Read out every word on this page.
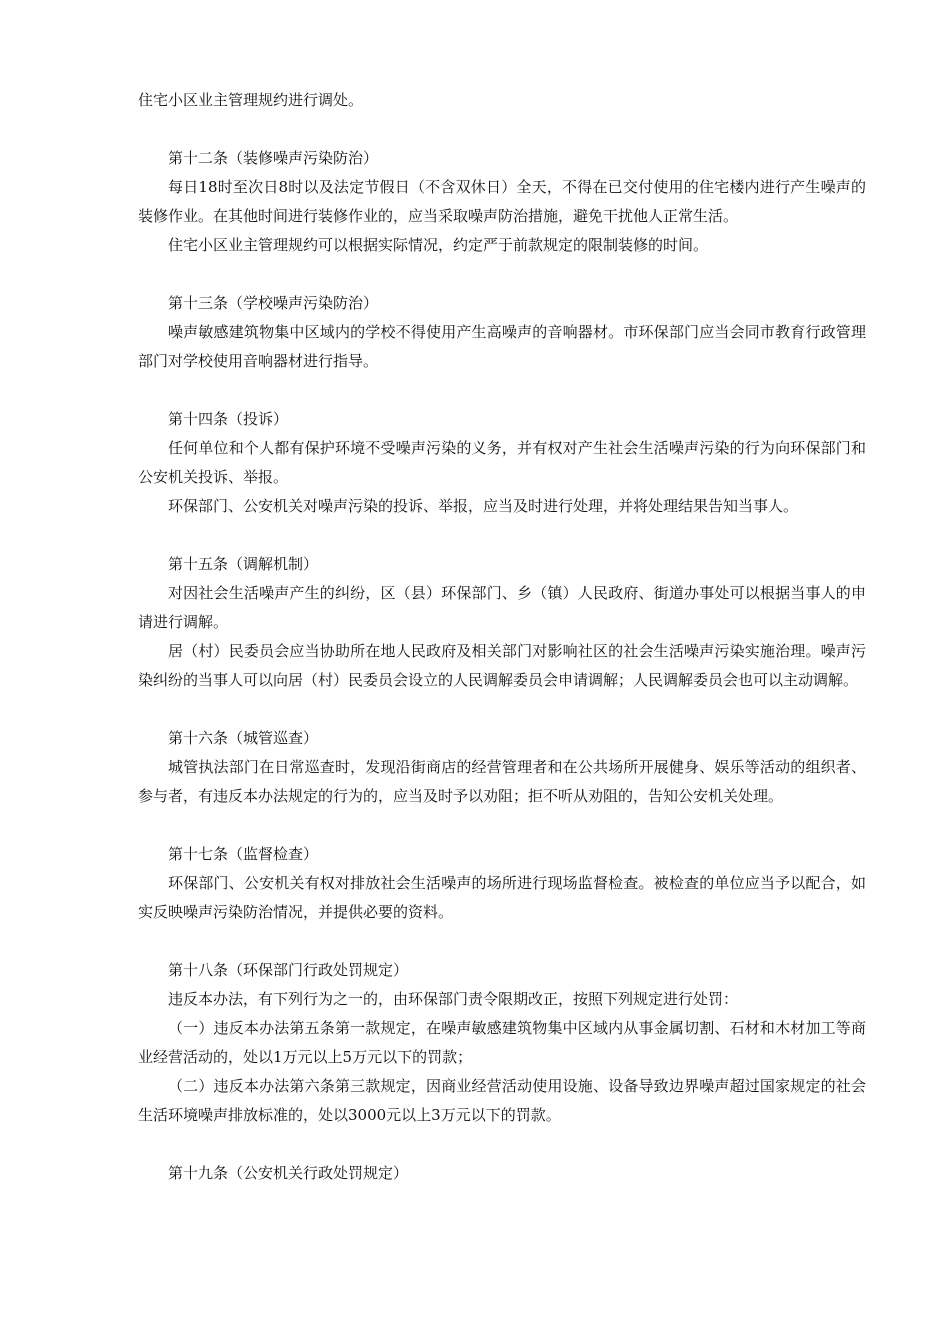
住宅小区业主管理规约进行调处。

第十二条（装修噪声污染防治）

每日18时至次日8时以及法定节假日（不含双休日）全天，不得在已交付使用的住宅楼内进行产生噪声的装修作业。在其他时间进行装修作业的，应当采取噪声防治措施，避免干扰他人正常生活。

住宅小区业主管理规约可以根据实际情况，约定严于前款规定的限制装修的时间。

第十三条（学校噪声污染防治）

噪声敏感建筑物集中区域内的学校不得使用产生高噪声的音响器材。市环保部门应当会同市教育行政管理部门对学校使用音响器材进行指导。

第十四条（投诉）

任何单位和个人都有保护环境不受噪声污染的义务，并有权对产生社会生活噪声污染的行为向环保部门和公安机关投诉、举报。

环保部门、公安机关对噪声污染的投诉、举报，应当及时进行处理，并将处理结果告知当事人。

第十五条（调解机制）

对因社会生活噪声产生的纠纷，区（县）环保部门、乡（镇）人民政府、街道办事处可以根据当事人的申请进行调解。

居（村）民委员会应当协助所在地人民政府及相关部门对影响社区的社会生活噪声污染实施治理。噪声污染纠纷的当事人可以向居（村）民委员会设立的人民调解委员会申请调解；人民调解委员会也可以主动调解。

第十六条（城管巡查）

城管执法部门在日常巡查时，发现沿街商店的经营管理者和在公共场所开展健身、娱乐等活动的组织者、参与者，有违反本办法规定的行为的，应当及时予以劝阻；拒不听从劝阻的，告知公安机关处理。

第十七条（监督检查）

环保部门、公安机关有权对排放社会生活噪声的场所进行现场监督检查。被检查的单位应当予以配合，如实反映噪声污染防治情况，并提供必要的资料。

第十八条（环保部门行政处罚规定）

违反本办法，有下列行为之一的，由环保部门责令限期改正，按照下列规定进行处罚：

（一）违反本办法第五条第一款规定，在噪声敏感建筑物集中区域内从事金属切割、石材和木材加工等商业经营活动的，处以1万元以上5万元以下的罚款；

（二）违反本办法第六条第三款规定，因商业经营活动使用设施、设备导致边界噪声超过国家规定的社会生活环境噪声排放标准的，处以3000元以上3万元以下的罚款。

第十九条（公安机关行政处罚规定）
